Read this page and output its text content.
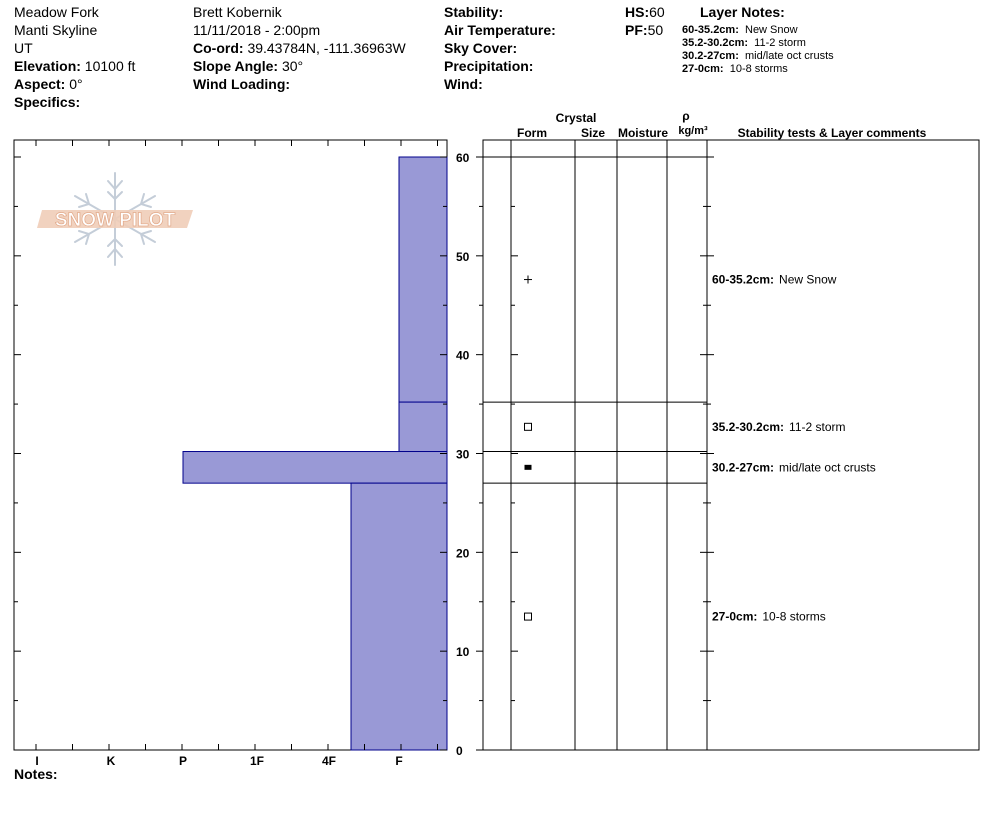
Meadow Fork
Manti Skyline
UT
Elevation: 10100 ft
Aspect: 0°
Specifics:
Brett Kobernik
11/11/2018 - 2:00pm
Co-ord: 39.43784N, -111.36963W
Slope Angle: 30°
Wind Loading:
Stability:
Air Temperature:
Sky Cover:
Precipitation:
Wind:
HS:60
PF:50
Layer Notes:
60-35.2cm: New Snow
35.2-30.2cm: 11-2 storm
30.2-27cm: mid/late oct crusts
27-0cm: 10-8 storms
0
10
20
30
40
50
60
I	K	P	1F	4F	F
SNOW PILOT
60-35.2cm: New Snow
35.2-30.2cm: 11-2 storm
30.2-27cm: mid/late oct crusts
27-0cm: 10-8 storms
Crystal
Form	Size Moisture
ρ
kg/m³ Stability tests & Layer comments
Notes:
